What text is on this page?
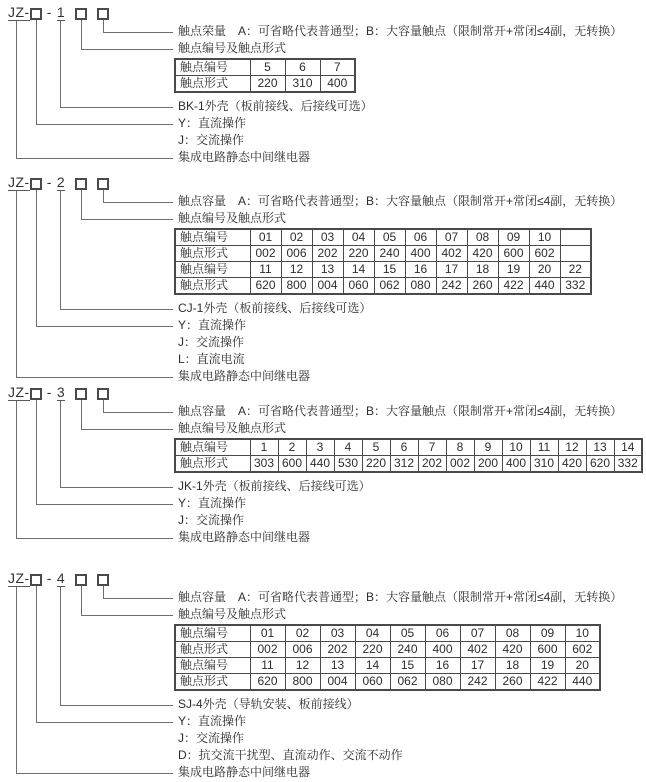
JZ- - 1
触点荣量　A：可省略代表普通型；B：大容量触点（限制常开+常闭≤4副，无转换）
触点编号及触点形式
触点编号	5	6	7
触点形式	220	310	400
BK-1外壳（板前接线、后接线可选）
Y：直流操作
J：交流操作
集成电路静态中间继电器
JZ- - 2
触点容量　A：可省略代表普通型；B：大容量触点（限制常开+常闭≤4副，无转换）
触点编号及触点形式
触点编号	01	02	03	04	05	06	07	08	09	10	
触点形式	002	006	202	220	240	400	402	420	600	602	
触点编号	11	12	13	14	15	16	17	18	19	20	22
触点形式	620	800	004	060	062	080	242	260	422	440	332
CJ-1外壳（板前接线、后接线可选）
Y：直流操作
J：交流操作
L：直流电流
集成电路静态中间继电器
JZ- - 3
触点容量　A：可省略代表普通型；B：大容量触点（限制常开+常闭≤4副，无转换）
触点编号及触点形式
触点编号	1	2	3	4	5	6	7	8	9	10	11	12	13	14
触点形式	303	600	440	530	220	312	202	002	200	400	310	420	620	332
JK-1外壳（板前接线、后接线可选）
Y：直流操作
J：交流操作
集成电路静态中间继电器
JZ- - 4
触点容量　A：可省略代表普通型；B：大容量触点（限制常开+常闭≤4副，无转换）
触点编号及触点形式
触点编号	01	02	03	04	05	06	07	08	09	10
触点形式	002	006	202	220	240	400	402	420	600	602
触点编号	11	12	13	14	15	16	17	18	19	20
触点形式	620	800	004	060	062	080	242	260	422	440
SJ-4外壳（导轨安装、板前接线）
Y：直流操作
J：交流操作
D：抗交流干扰型、直流动作、交流不动作
集成电路静态中间继电器
